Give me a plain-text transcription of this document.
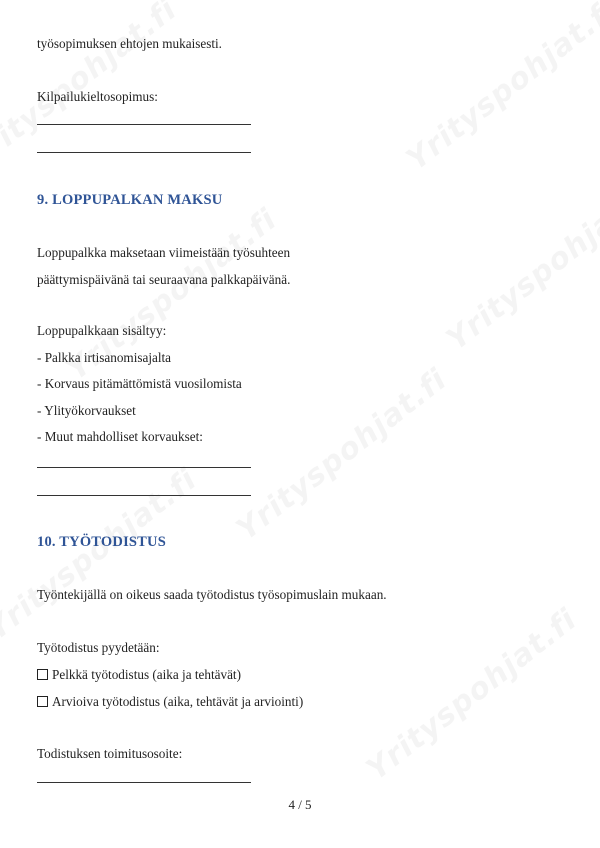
työsopimuksen ehtojen mukaisesti.
Kilpailukieltosopimus:
9. LOPPUPALKAN MAKSU
Loppupalkka maksetaan viimeistään työsuhteen
päättymispäivänä tai seuraavana palkkapäivänä.
Loppupalkkaan sisältyy:
- Palkka irtisanomisajalta
- Korvaus pitämättömistä vuosilomista
- Ylityökorvaukset
- Muut mahdolliset korvaukset:
10. TYÖTODISTUS
Työntekijällä on oikeus saada työtodistus työsopimuslain mukaan.
Työtodistus pyydetään:
Pelkkä työtodistus (aika ja tehtävät)
Arvioiva työtodistus (aika, tehtävät ja arviointi)
Todistuksen toimitusosoite:
4 / 5
